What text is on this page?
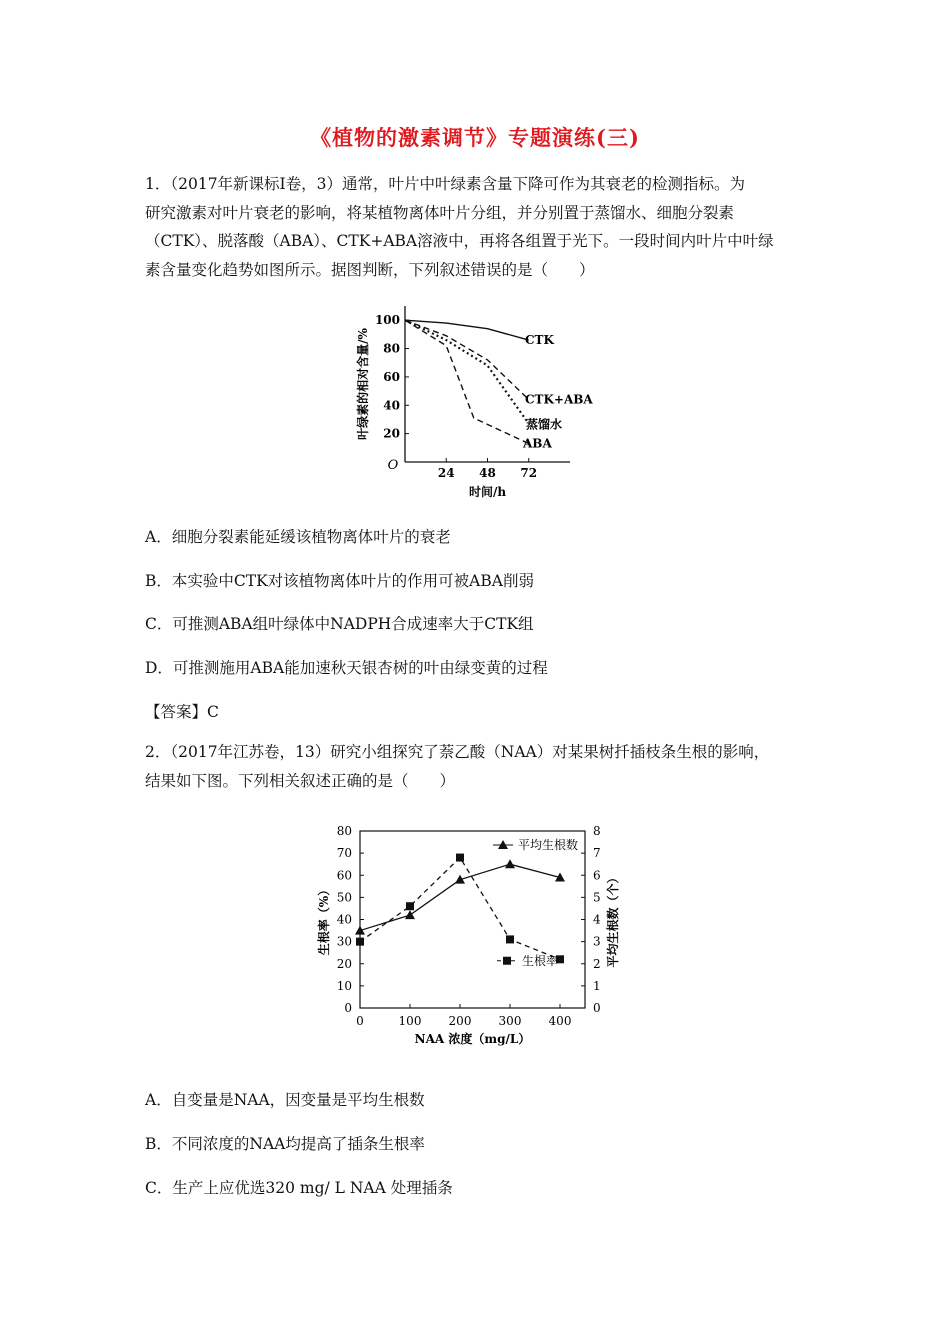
《植物的激素调节》专题演练(三)
1．（2017年新课标Ⅰ卷，3）通常，叶片中叶绿素含量下降可作为其衰老的检测指标。为
研究激素对叶片衰老的影响，将某植物离体叶片分组，并分别置于蒸馏水、细胞分裂素
（CTK）、脱落酸（ABA）、CTK+ABA溶液中，再将各组置于光下。一段时间内叶片中叶绿
素含量变化趋势如图所示。据图判断，下列叙述错误的是（　　）
O
20
40
60
80
100
24 48 72
时间/h
叶绿素的相对含量/%	CTK
CTK+ABA
蒸馏水
ABA
A．细胞分裂素能延缓该植物离体叶片的衰老
B．本实验中CTK对该植物离体叶片的作用可被ABA削弱
C．可推测ABA组叶绿体中NADPH合成速率大于CTK组
D．可推测施用ABA能加速秋天银杏树的叶由绿变黄的过程
【答案】C
2．（2017年江苏卷，13）研究小组探究了萘乙酸（NAA）对某果树扦插枝条生根的影响，
结果如下图。下列相关叙述正确的是（　　）
0
10
20
30
40
50
60
70
80
0
1
2
3
4
5
6
7
8
0	100 200 300 400
NAA 浓度（mg/L）
生根率（%）	平均生根数（个）
平均生根数
生根率
A．自变量是NAA，因变量是平均生根数
B．不同浓度的NAA均提高了插条生根率
C．生产上应优选320 mg/ L NAA 处理插条
